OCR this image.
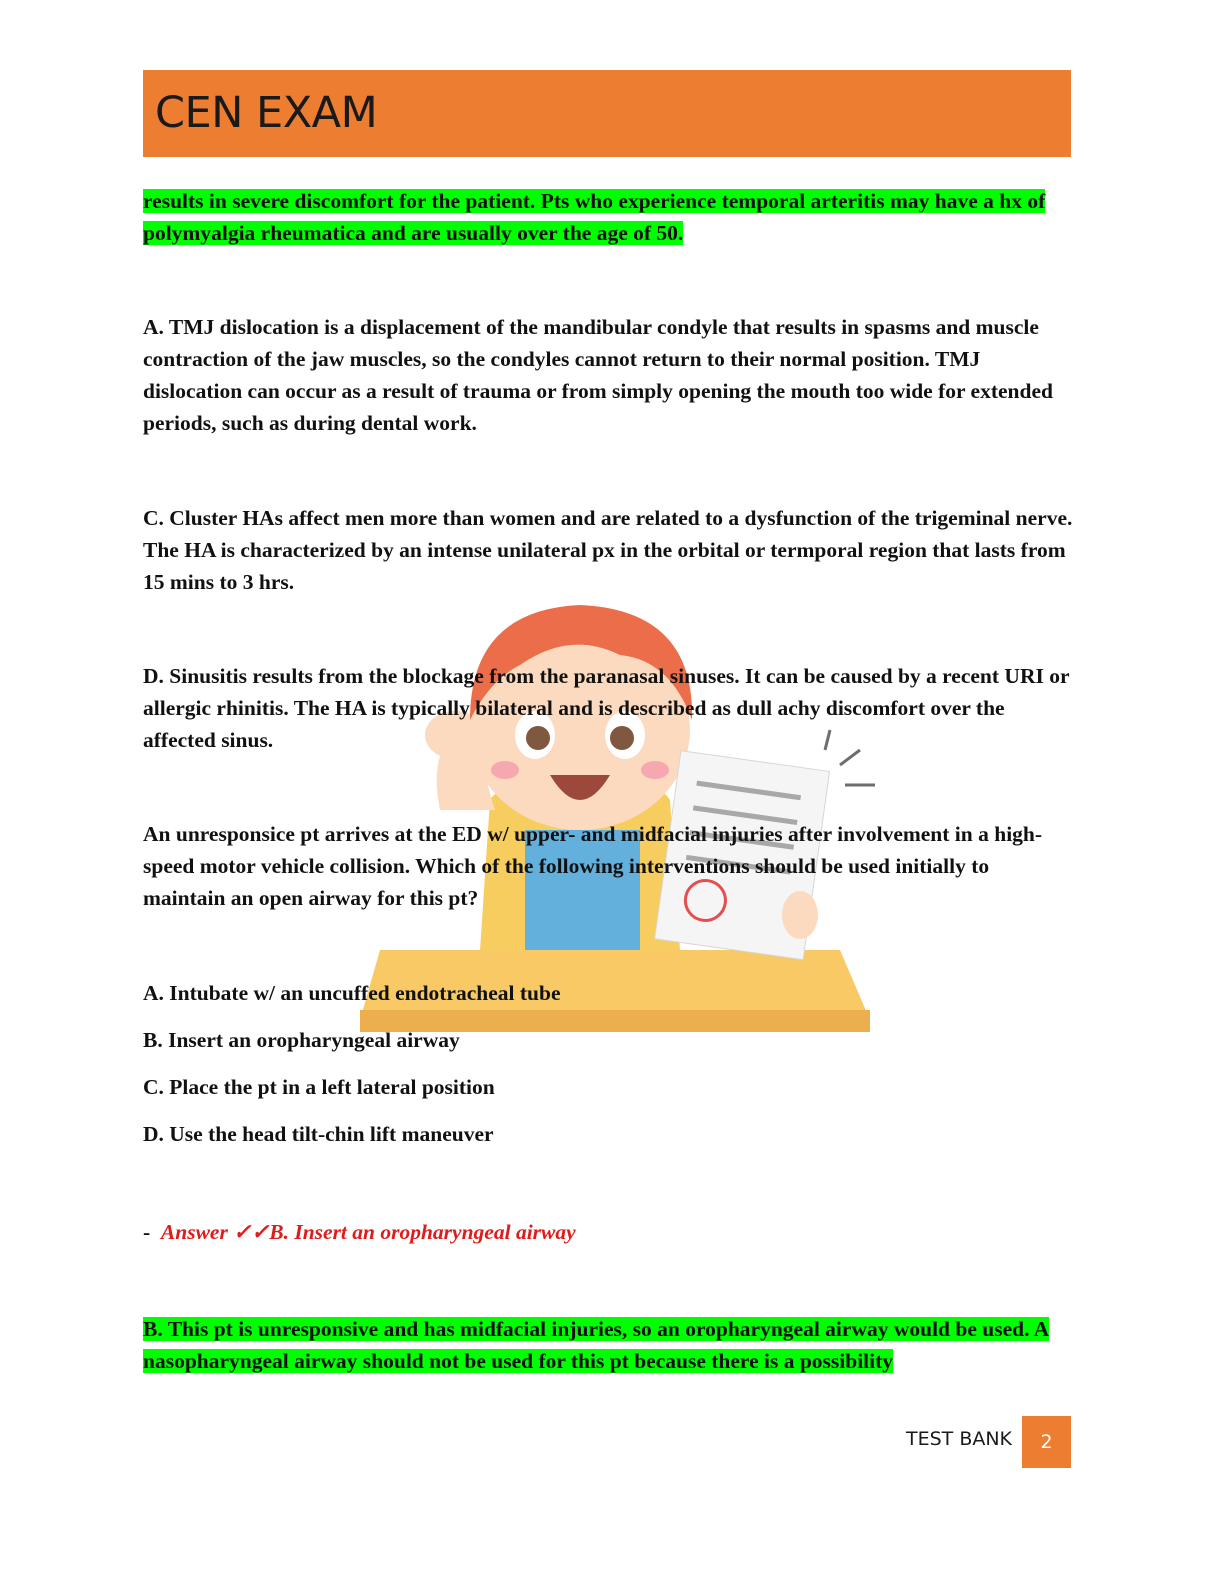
CEN EXAM

results in severe discomfort for the patient. Pts who experience temporal arteritis may have a hx of polymyalgia rheumatica and are usually over the age of 50.

A. TMJ dislocation is a displacement of the mandibular condyle that results in spasms and muscle contraction of the jaw muscles, so the condyles cannot return to their normal position. TMJ dislocation can occur as a result of trauma or from simply opening the mouth too wide for extended periods, such as during dental work.

C. Cluster HAs affect men more than women and are related to a dysfunction of the trigeminal nerve. The HA is characterized by an intense unilateral px in the orbital or termporal region that lasts from 15 mins to 3 hrs.

D. Sinusitis results from the blockage from the paranasal sinuses. It can be caused by a recent URI or allergic rhinitis. The HA is typically bilateral and is described as dull achy discomfort over the affected sinus.

An unresponsice pt arrives at the ED w/ upper- and midfacial injuries after involvement in a high-speed motor vehicle collision. Which of the following interventions should be used initially to maintain an open airway for this pt?

A. Intubate w/ an uncuffed endotracheal tube

B. Insert an oropharyngeal airway

C. Place the pt in a left lateral position

D. Use the head tilt-chin lift maneuver

- Answer ✓✓B. Insert an oropharyngeal airway

B. This pt is unresponsive and has midfacial injuries, so an oropharyngeal airway would be used. A nasopharyngeal airway should not be used for this pt because there is a possibility

TEST BANK	2
